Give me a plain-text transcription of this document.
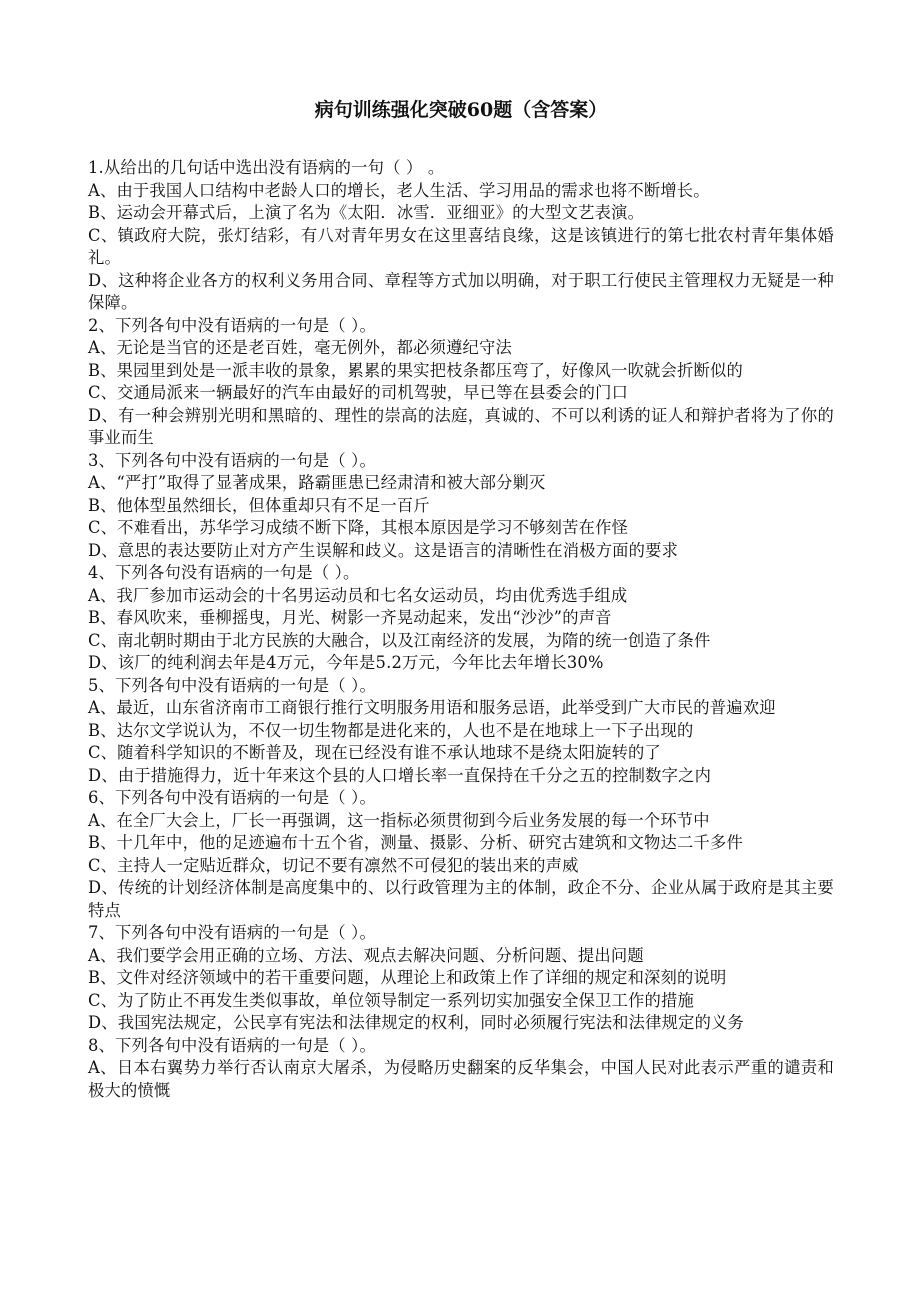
病句训练强化突破60题（含答案）

1.从给出的几句话中选出没有语病的一句（ ） 。

A、由于我国人口结构中老龄人口的增长，老人生活、学习用品的需求也将不断增长。

B、运动会开幕式后，上演了名为《太阳．冰雪．亚细亚》的大型文艺表演。

C、镇政府大院，张灯结彩，有八对青年男女在这里喜结良缘，这是该镇进行的第七批农村青年集体婚礼。

D、这种将企业各方的权利义务用合同、章程等方式加以明确，对于职工行使民主管理权力无疑是一种保障。

2、下列各句中没有语病的一句是（ ）。

A、无论是当官的还是老百姓，毫无例外，都必须遵纪守法

B、果园里到处是一派丰收的景象，累累的果实把枝条都压弯了，好像风一吹就会折断似的

C、交通局派来一辆最好的汽车由最好的司机驾驶，早已等在县委会的门口

D、有一种会辨别光明和黑暗的、理性的崇高的法庭，真诚的、不可以利诱的证人和辩护者将为了你的事业而生

3、下列各句中没有语病的一句是（ ）。

A、“严打”取得了显著成果，路霸匪患已经肃清和被大部分剿灭

B、他体型虽然细长，但体重却只有不足一百斤

C、不难看出，苏华学习成绩不断下降，其根本原因是学习不够刻苦在作怪

D、意思的表达要防止对方产生误解和歧义。这是语言的清晰性在消极方面的要求

4、下列各句没有语病的一句是（ ）。

A、我厂参加市运动会的十名男运动员和七名女运动员，均由优秀选手组成

B、春风吹来，垂柳摇曳，月光、树影一齐晃动起来，发出“沙沙”的声音

C、南北朝时期由于北方民族的大融合，以及江南经济的发展，为隋的统一创造了条件

D、该厂的纯利润去年是4万元，今年是5.2万元，今年比去年增长30%

5、下列各句中没有语病的一句是（ ）。

A、最近，山东省济南市工商银行推行文明服务用语和服务忌语，此举受到广大市民的普遍欢迎

B、达尔文学说认为，不仅一切生物都是进化来的，人也不是在地球上一下子出现的

C、随着科学知识的不断普及，现在已经没有谁不承认地球不是绕太阳旋转的了

D、由于措施得力，近十年来这个县的人口增长率一直保持在千分之五的控制数字之内

6、下列各句中没有语病的一句是（ ）。

A、在全厂大会上，厂长一再强调，这一指标必须贯彻到今后业务发展的每一个环节中

B、十几年中，他的足迹遍布十五个省，测量、摄影、分析、研究古建筑和文物达二千多件

C、主持人一定贴近群众，切记不要有凛然不可侵犯的装出来的声威

D、传统的计划经济体制是高度集中的、以行政管理为主的体制，政企不分、企业从属于政府是其主要特点

7、下列各句中没有语病的一句是（ ）。

A、我们要学会用正确的立场、方法、观点去解决问题、分析问题、提出问题

B、文件对经济领域中的若干重要问题，从理论上和政策上作了详细的规定和深刻的说明

C、为了防止不再发生类似事故，单位领导制定一系列切实加强安全保卫工作的措施

D、我国宪法规定，公民享有宪法和法律规定的权利，同时必须履行宪法和法律规定的义务

8、下列各句中没有语病的一句是（ ）。

A、日本右翼势力举行否认南京大屠杀，为侵略历史翻案的反华集会，中国人民对此表示严重的谴责和极大的愤慨
